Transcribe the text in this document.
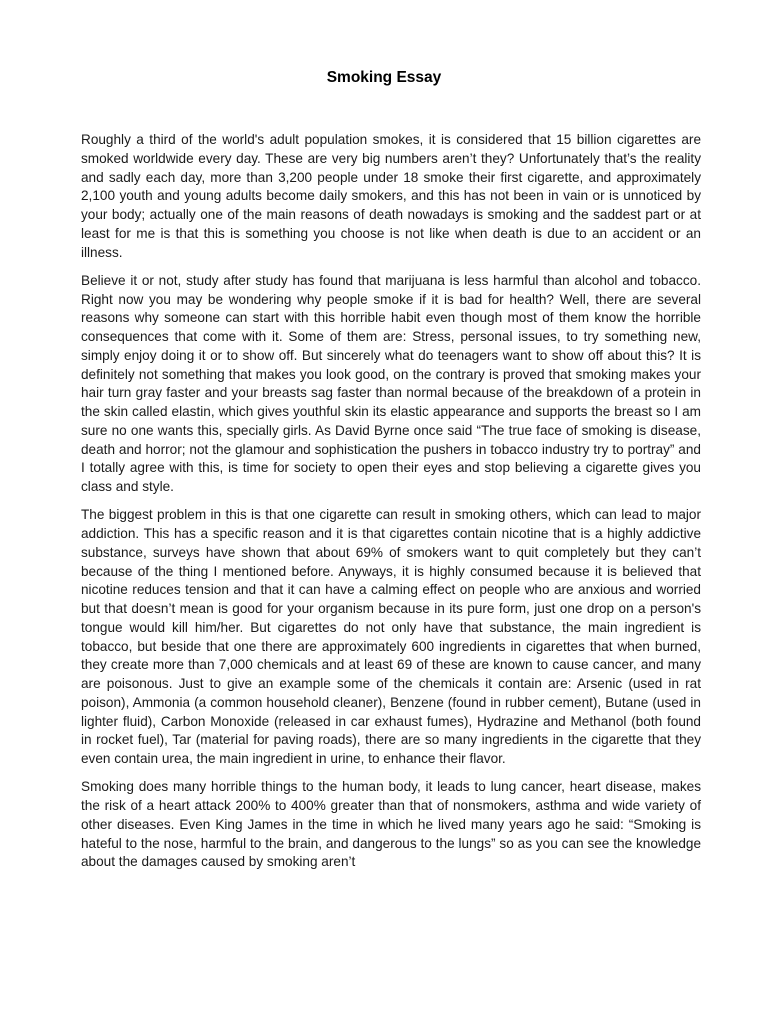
Smoking Essay

Roughly a third of the world's adult population smokes, it is considered that 15 billion cigarettes are smoked worldwide every day. These are very big numbers aren’t they? Unfortunately that’s the reality and sadly each day, more than 3,200 people under 18 smoke their first cigarette, and approximately 2,100 youth and young adults become daily smokers, and this has not been in vain or is unnoticed by your body; actually one of the main reasons of death nowadays is smoking and the saddest part or at least for me is that this is something you choose is not like when death is due to an accident or an illness.

Believe it or not, study after study has found that marijuana is less harmful than alcohol and tobacco. Right now you may be wondering why people smoke if it is bad for health? Well, there are several reasons why someone can start with this horrible habit even though most of them know the horrible consequences that come with it. Some of them are: Stress, personal issues, to try something new, simply enjoy doing it or to show off. But sincerely what do teenagers want to show off about this? It is definitely not something that makes you look good, on the contrary is proved that smoking makes your hair turn gray faster and your breasts sag faster than normal because of the breakdown of a protein in the skin called elastin, which gives youthful skin its elastic appearance and supports the breast so I am sure no one wants this, specially girls. As David Byrne once said “The true face of smoking is disease, death and horror; not the glamour and sophistication the pushers in tobacco industry try to portray” and I totally agree with this, is time for society to open their eyes and stop believing a cigarette gives you class and style.

The biggest problem in this is that one cigarette can result in smoking others, which can lead to major addiction. This has a specific reason and it is that cigarettes contain nicotine that is a highly addictive substance, surveys have shown that about 69% of smokers want to quit completely but they can’t because of the thing I mentioned before. Anyways, it is highly consumed because it is believed that nicotine reduces tension and that it can have a calming effect on people who are anxious and worried but that doesn’t mean is good for your organism because in its pure form, just one drop on a person's tongue would kill him/her. But cigarettes do not only have that substance, the main ingredient is tobacco, but beside that one there are approximately 600 ingredients in cigarettes that when burned, they create more than 7,000 chemicals and at least 69 of these are known to cause cancer, and many are poisonous. Just to give an example some of the chemicals it contain are: Arsenic (used in rat poison), Ammonia (a common household cleaner), Benzene (found in rubber cement), Butane (used in lighter fluid), Carbon Monoxide (released in car exhaust fumes), Hydrazine and Methanol (both found in rocket fuel), Tar (material for paving roads), there are so many ingredients in the cigarette that they even contain urea, the main ingredient in urine, to enhance their flavor.

Smoking does many horrible things to the human body, it leads to lung cancer, heart disease, makes the risk of a heart attack 200% to 400% greater than that of nonsmokers, asthma and wide variety of other diseases. Even King James in the time in which he lived many years ago he said: “Smoking is hateful to the nose, harmful to the brain, and dangerous to the lungs” so as you can see the knowledge about the damages caused by smoking aren’t
